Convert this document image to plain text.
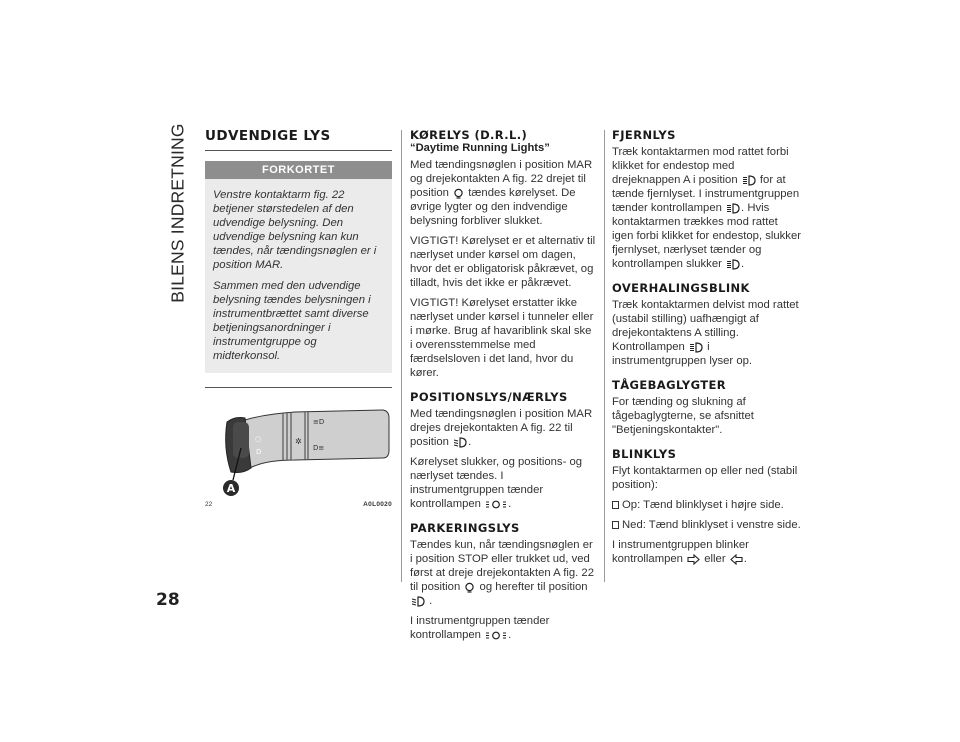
BILENS INDRETNING
28
UDVENDIGE LYS
FORKORTET

Venstre kontaktarm fig. 22 betjener størstedelen af den udvendige belysning. Den udvendige belysning kan kun tændes, når tændingsnøglen er i position MAR.

Sammen med den udvendige belysning tændes belysningen i instrumentbrættet samt diverse betjeningsanordninger i instrumentgruppe og midterkonsol.

○
D
✲
≡D
D≡
A
22	A0L0020
KØRELYS (D.R.L.)
“Daytime Running Lights”

Med tændingsnøglen i position MAR og drejekontakten A fig. 22 drejet til position tændes kørelyset. De øvrige lygter og den indvendige belysning forbliver slukket.

VIGTIGT! Kørelyset er et alternativ til nærlyset under kørsel om dagen, hvor det er obligatorisk påkrævet, og tilladt, hvis det ikke er påkrævet.

VIGTIGT! Kørelyset erstatter ikke nærlyset under kørsel i tunneler eller i mørke. Brug af havariblink skal ske i overensstemmelse med færdselsloven i det land, hvor du kører.

POSITIONSLYS/NÆRLYS

Med tændingsnøglen i position MAR drejes drejekontakten A fig. 22 til position .

Kørelyset slukker, og positions- og nærlyset tændes. I instrumentgruppen tænder kontrollampen .

PARKERINGSLYS

Tændes kun, når tændingsnøglen er i position STOP eller trukket ud, ved først at dreje drejekontakten A fig. 22 til position og herefter til position  .

I instrumentgruppen tænder kontrollampen .

FJERNLYS

Træk kontaktarmen mod rattet forbi klikket for endestop med drejeknappen A i position for at tænde fjernlyset. I instrumentgruppen tænder kontrollampen . Hvis kontaktarmen trækkes mod rattet igen forbi klikket for endestop, slukker fjernlyset, nærlyset tænder og kontrollampen slukker .

OVERHALINGSBLINK

Træk kontaktarmen delvist mod rattet (ustabil stilling) uafhængigt af drejekontaktens A stilling. Kontrollampen i instrumentgruppen lyser op.

TÅGEBAGLYGTER

For tænding og slukning af tågebaglygterne, se afsnittet "Betjeningskontakter".

BLINKLYS

Flyt kontaktarmen op eller ned (stabil position):

Op: Tænd blinklyset i højre side.

Ned: Tænd blinklyset i venstre side.

I instrumentgruppen blinker kontrollampen eller .
